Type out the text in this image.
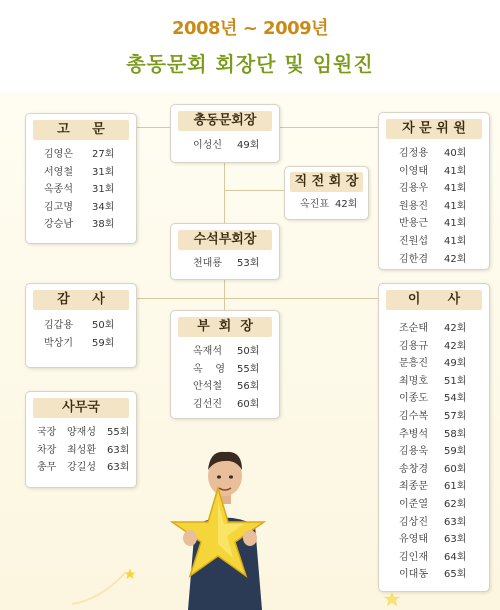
2008년 ~ 2009년
총동문회 회장단 및 임원진
고     문
김영은 27회
서영철 31회
옥종석 31회
김고명 34회
강승남 38회
총동문회장
이성신 49회
자 문 위 원
김정용 40회
이영태 41회
김용우 41회
원용진 41회
반용근 41회
진원섭 41회
김한겸 42회
직 전 회 장
옥진표 42회
수석부회장
천대룡 53회
감     사
김갑용 50회
박상기 59회
부  회  장
옥재석 50회
옥    영 55회
안석철 56회
김선진 60회
사무국
국장 양재성 55회
차장 최성환 63회
총무 강길성 63회
이      사
조순태 42회
김용규 42회
문흥진 49회
최명호 51회
이종도 54회
김수복 57회
추병석 58회
김용욱 59회
송창경 60회
최종문 61회
이준열 62회
김상진 63회
유영태 63회
김인재 64회
이대동 65회
